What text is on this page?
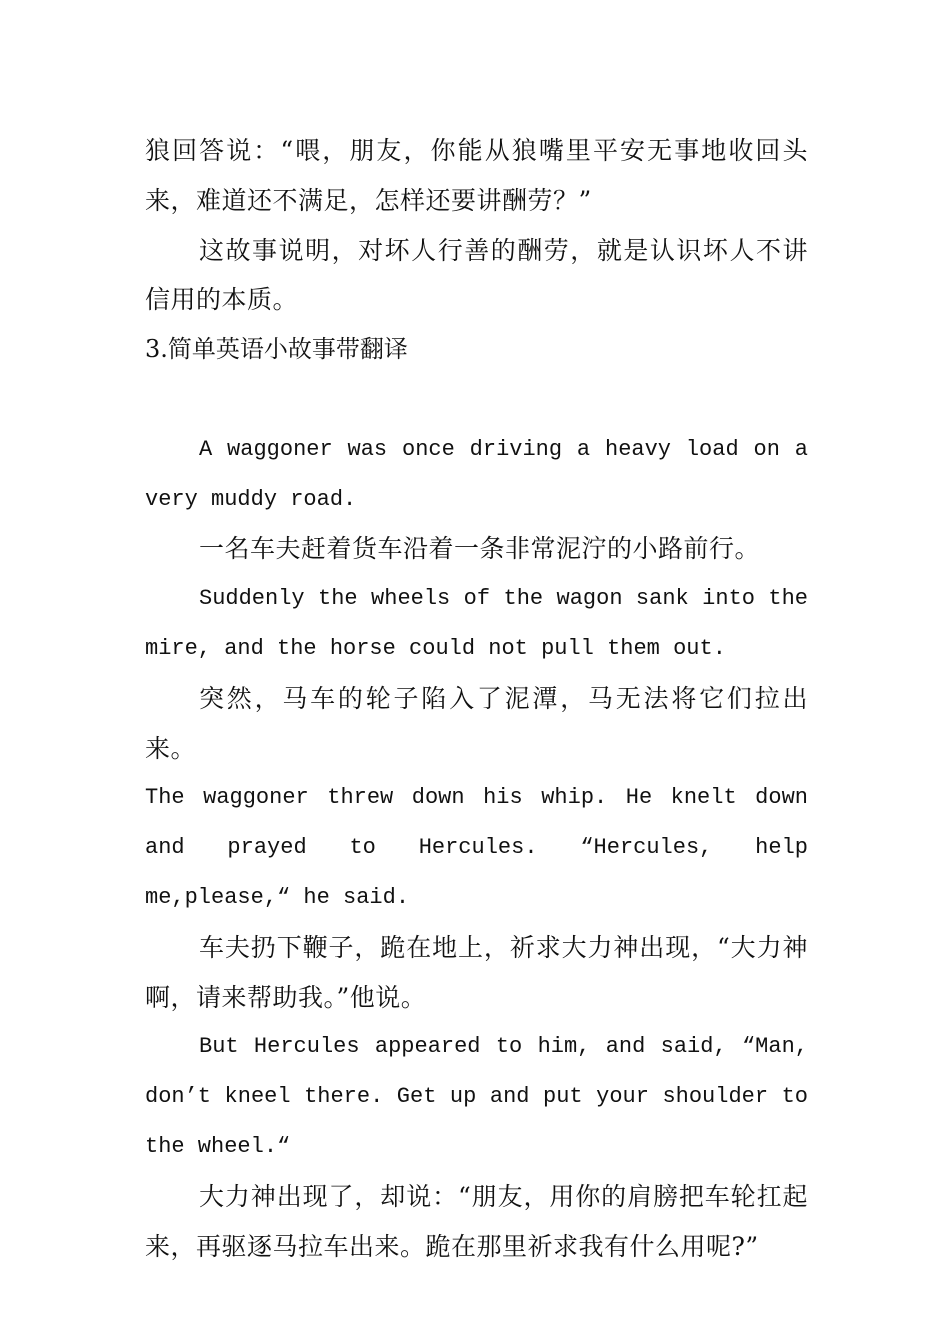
狼回答说：“喂，朋友，你能从狼嘴里平安无事地收回头来，难道还不满足，怎样还要讲酬劳？”

这故事说明，对坏人行善的酬劳，就是认识坏人不讲信用的本质。

3.简单英语小故事带翻译

A waggoner was once driving a heavy load on a very muddy road.

一名车夫赶着货车沿着一条非常泥泞的小路前行。

Suddenly the wheels of the wagon sank into the mire, and the horse could not pull them out.

突然，马车的轮子陷入了泥潭，马无法将它们拉出来。

The waggoner threw down his whip. He knelt down and prayed to Hercules. “Hercules, help me,please,“ he said.

车夫扔下鞭子，跪在地上，祈求大力神出现，“大力神啊，请来帮助我。”他说。

But Hercules appeared to him, and said, “Man, don’t kneel there. Get up and put your shoulder to the wheel.“

大力神出现了，却说：“朋友，用你的肩膀把车轮扛起来，再驱逐马拉车出来。跪在那里祈求我有什么用呢?”
